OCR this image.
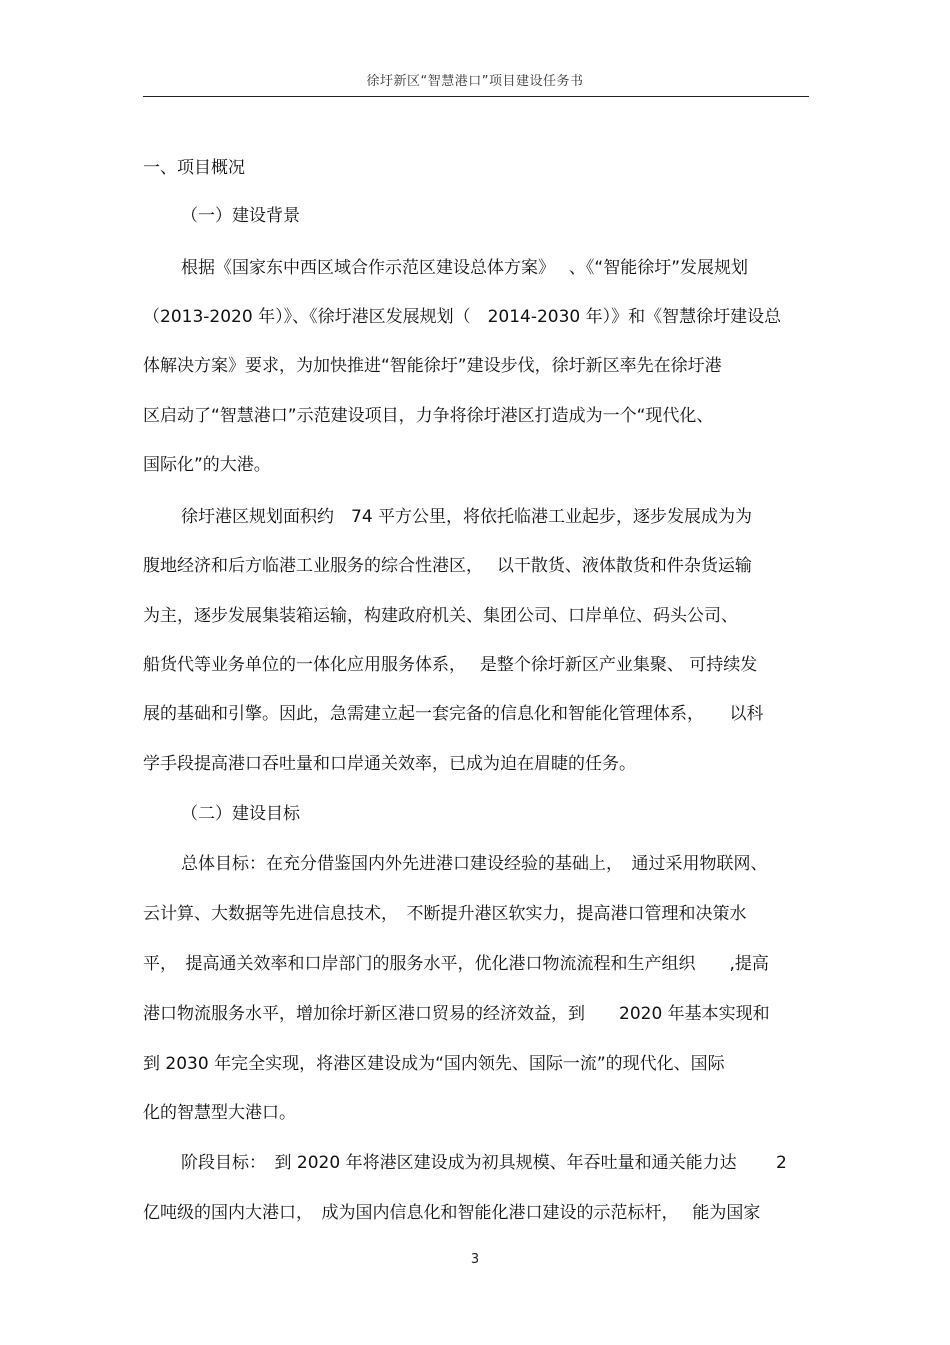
徐圩新区“智慧港口”项目建设任务书
一、项目概况
（一）建设背景
根据《国家东中西区域合作示范区建设总体方案》　 、《“智能徐圩”发展规划
（2013-2020 年）》、《徐圩港区发展规划（　2014-2030 年）》和《智慧徐圩建设总
体解决方案》要求，为加快推进“智能徐圩”建设步伐，徐圩新区率先在徐圩港
区启动了“智慧港口”示范建设项目，力争将徐圩港区打造成为一个“现代化、
国际化”的大港。
徐圩港区规划面积约　74 平方公里，将依托临港工业起步，逐步发展成为为
腹地经济和后方临港工业服务的综合性港区，　 以干散货、液体散货和件杂货运输
为主，逐步发展集装箱运输，构建政府机关、集团公司、口岸单位、码头公司、
船货代等业务单位的一体化应用服务体系，　 是整个徐圩新区产业集聚、 可持续发
展的基础和引擎。因此，急需建立起一套完备的信息化和智能化管理体系，　　以科
学手段提高港口吞吐量和口岸通关效率，已成为迫在眉睫的任务。
（二）建设目标
总体目标：在充分借鉴国内外先进港口建设经验的基础上，　通过采用物联网、
云计算、大数据等先进信息技术，　不断提升港区软实力，提高港口管理和决策水
平，　提高通关效率和口岸部门的服务水平，优化港口物流流程和生产组织　　,提高
港口物流服务水平，增加徐圩新区港口贸易的经济效益，到　　2020 年基本实现和
到 2030 年完全实现，将港区建设成为“国内领先、国际一流”的现代化、国际
化的智慧型大港口。
阶段目标：　到 2020 年将港区建设成为初具规模、年吞吐量和通关能力达　　 2
亿吨级的国内大港口，　成为国内信息化和智能化港口建设的示范标杆，　 能为国家
3
